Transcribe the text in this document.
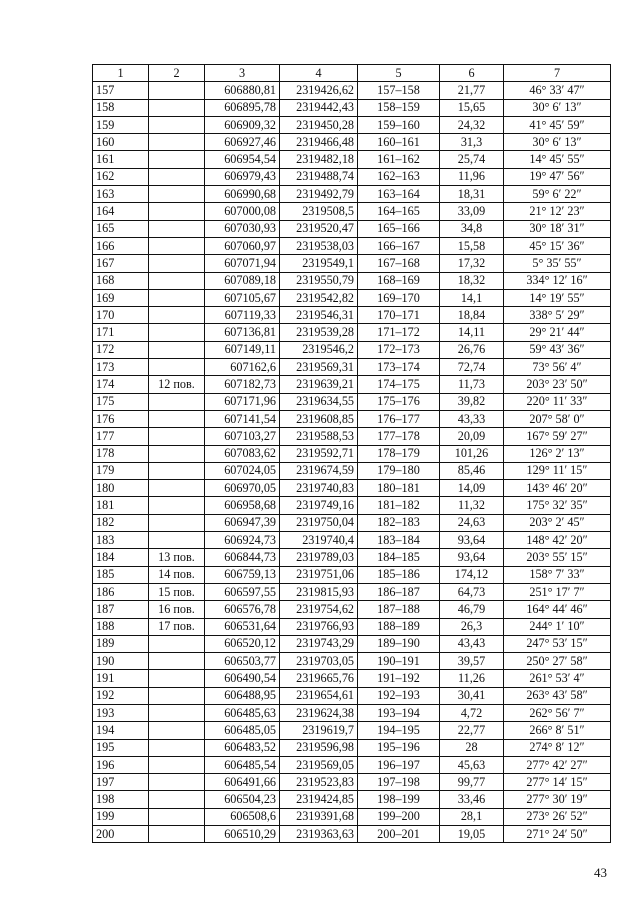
1	2	3	4	5	6	7
157		606880,81	2319426,62	157–158	21,77	46° 33′ 47″
158		606895,78	2319442,43	158–159	15,65	30° 6′ 13″
159		606909,32	2319450,28	159–160	24,32	41° 45′ 59″
160		606927,46	2319466,48	160–161	31,3	30° 6′ 13″
161		606954,54	2319482,18	161–162	25,74	14° 45′ 55″
162		606979,43	2319488,74	162–163	11,96	19° 47′ 56″
163		606990,68	2319492,79	163–164	18,31	59° 6′ 22″
164		607000,08	2319508,5	164–165	33,09	21° 12′ 23″
165		607030,93	2319520,47	165–166	34,8	30° 18′ 31″
166		607060,97	2319538,03	166–167	15,58	45° 15′ 36″
167		607071,94	2319549,1	167–168	17,32	5° 35′ 55″
168		607089,18	2319550,79	168–169	18,32	334° 12′ 16″
169		607105,67	2319542,82	169–170	14,1	14° 19′ 55″
170		607119,33	2319546,31	170–171	18,84	338° 5′ 29″
171		607136,81	2319539,28	171–172	14,11	29° 21′ 44″
172		607149,11	2319546,2	172–173	26,76	59° 43′ 36″
173		607162,6	2319569,31	173–174	72,74	73° 56′ 4″
174	12 пов.	607182,73	2319639,21	174–175	11,73	203° 23′ 50″
175		607171,96	2319634,55	175–176	39,82	220° 11′ 33″
176		607141,54	2319608,85	176–177	43,33	207° 58′ 0″
177		607103,27	2319588,53	177–178	20,09	167° 59′ 27″
178		607083,62	2319592,71	178–179	101,26	126° 2′ 13″
179		607024,05	2319674,59	179–180	85,46	129° 11′ 15″
180		606970,05	2319740,83	180–181	14,09	143° 46′ 20″
181		606958,68	2319749,16	181–182	11,32	175° 32′ 35″
182		606947,39	2319750,04	182–183	24,63	203° 2′ 45″
183		606924,73	2319740,4	183–184	93,64	148° 42′ 20″
184	13 пов.	606844,73	2319789,03	184–185	93,64	203° 55′ 15″
185	14 пов.	606759,13	2319751,06	185–186	174,12	158° 7′ 33″
186	15 пов.	606597,55	2319815,93	186–187	64,73	251° 17′ 7″
187	16 пов.	606576,78	2319754,62	187–188	46,79	164° 44′ 46″
188	17 пов.	606531,64	2319766,93	188–189	26,3	244° 1′ 10″
189		606520,12	2319743,29	189–190	43,43	247° 53′ 15″
190		606503,77	2319703,05	190–191	39,57	250° 27′ 58″
191		606490,54	2319665,76	191–192	11,26	261° 53′ 4″
192		606488,95	2319654,61	192–193	30,41	263° 43′ 58″
193		606485,63	2319624,38	193–194	4,72	262° 56′ 7″
194		606485,05	2319619,7	194–195	22,77	266° 8′ 51″
195		606483,52	2319596,98	195–196	28	274° 8′ 12″
196		606485,54	2319569,05	196–197	45,63	277° 42′ 27″
197		606491,66	2319523,83	197–198	99,77	277° 14′ 15″
198		606504,23	2319424,85	198–199	33,46	277° 30′ 19″
199		606508,6	2319391,68	199–200	28,1	273° 26′ 52″
200		606510,29	2319363,63	200–201	19,05	271° 24′ 50″
43
